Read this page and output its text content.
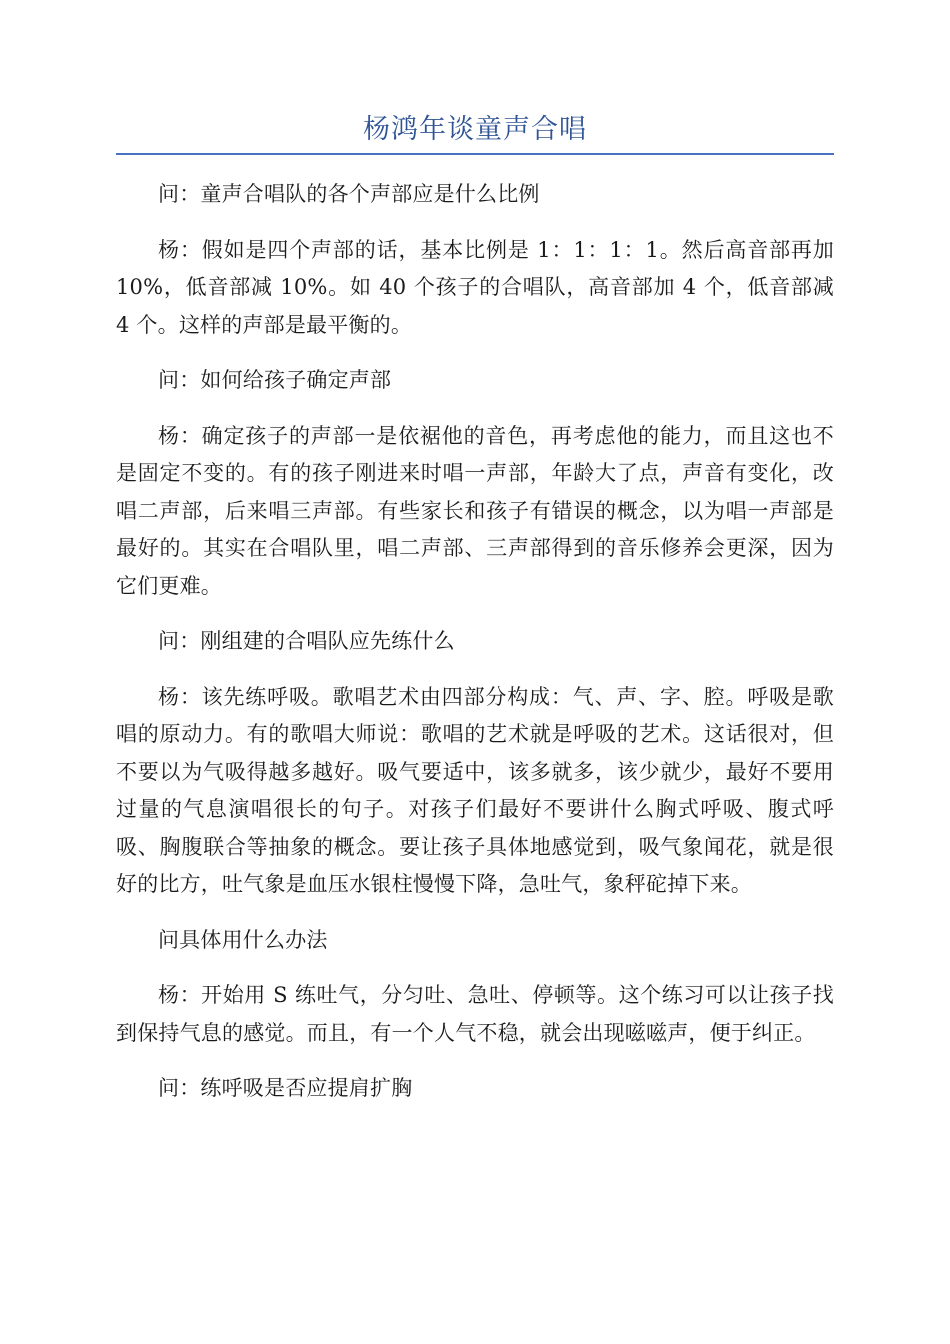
杨鸿年谈童声合唱

问：童声合唱队的各个声部应是什么比例

杨：假如是四个声部的话，基本比例是 1：1：1：1。然后高音部再加 10%，低音部减 10%。如 40 个孩子的合唱队，高音部加 4 个，低音部减 4 个。这样的声部是最平衡的。

问：如何给孩子确定声部

杨：确定孩子的声部一是依裾他的音色，再考虑他的能力，而且这也不是固定不变的。有的孩子刚进来时唱一声部，年龄大了点，声音有变化，改唱二声部，后来唱三声部。有些家长和孩子有错误的概念，以为唱一声部是最好的。其实在合唱队里，唱二声部、三声部得到的音乐修养会更深，因为它们更难。

问：刚组建的合唱队应先练什么

杨：该先练呼吸。歌唱艺术由四部分构成：气、声、字、腔。呼吸是歌唱的原动力。有的歌唱大师说：歌唱的艺术就是呼吸的艺术。这话很对，但不要以为气吸得越多越好。吸气要适中，该多就多，该少就少，最好不要用过量的气息演唱很长的句子。对孩子们最好不要讲什么胸式呼吸、腹式呼吸、胸腹联合等抽象的概念。要让孩子具体地感觉到，吸气象闻花，就是很好的比方，吐气象是血压水银柱慢慢下降，急吐气，象秤砣掉下来。

问具体用什么办法

杨：开始用 S 练吐气，分匀吐、急吐、停顿等。这个练习可以让孩子找到保持气息的感觉。而且，有一个人气不稳，就会出现嗞嗞声，便于纠正。

问：练呼吸是否应提肩扩胸
